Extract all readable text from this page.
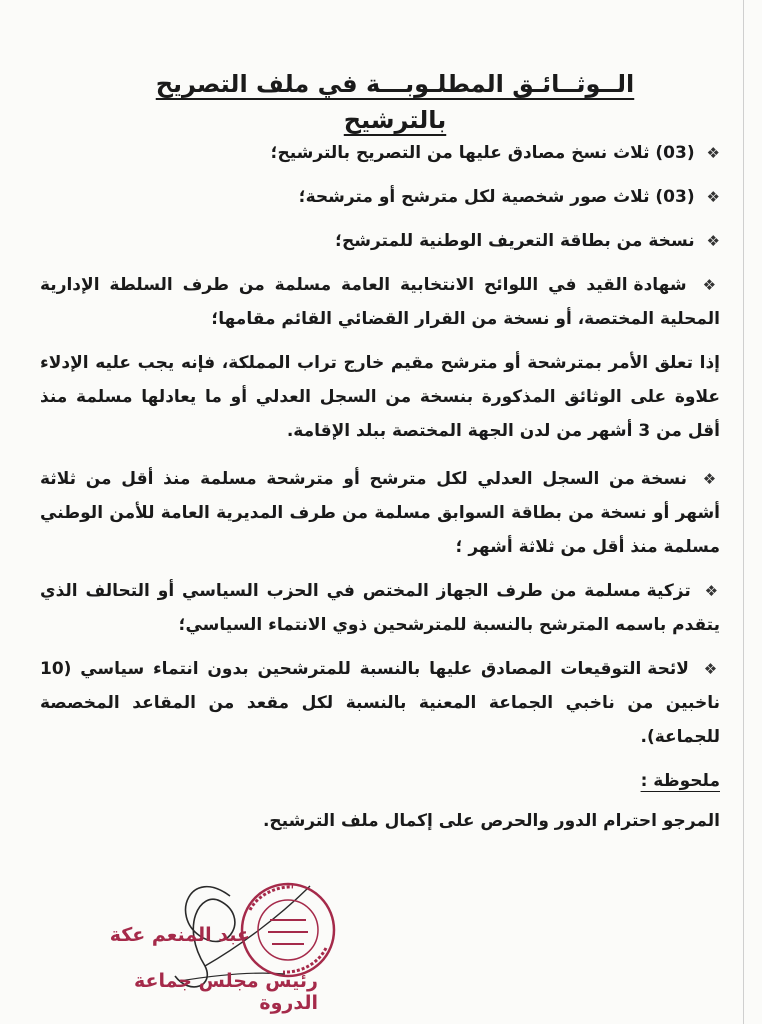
الــوثــائـق المطلـوبـــة في ملف التصريح بالترشيح
❖ (03) ثلاث نسخ مصادق عليها من التصريح بالترشيح؛
❖ (03) ثلاث صور شخصية لكل مترشح أو مترشحة؛
❖ نسخة من بطاقة التعريف الوطنية للمترشح؛
❖ شهادة القيد في اللوائح الانتخابية العامة مسلمة من طرف السلطة الإدارية المحلية المختصة، أو نسخة من القرار القضائي القائم مقامها؛
إذا تعلق الأمر بمترشحة أو مترشح مقيم خارج تراب المملكة، فإنه يجب عليه الإدلاء علاوة على الوثائق المذكورة بنسخة من السجل العدلي أو ما يعادلها مسلمة منذ أقل من 3 أشهر من لدن الجهة المختصة ببلد الإقامة.
❖ نسخة من السجل العدلي لكل مترشح أو مترشحة مسلمة منذ أقل من ثلاثة أشهر أو نسخة من بطاقة السوابق مسلمة من طرف المديرية العامة للأمن الوطني مسلمة منذ أقل من ثلاثة أشهر ؛
❖ تزكية مسلمة من طرف الجهاز المختص في الحزب السياسي أو التحالف الذي يتقدم باسمه المترشح بالنسبة للمترشحين ذوي الانتماء السياسي؛
❖ لائحة التوقيعات المصادق عليها بالنسبة للمترشحين بدون انتماء سياسي (10 ناخبين من ناخبي الجماعة المعنية بالنسبة لكل مقعد من المقاعد المخصصة للجماعة).
ملحوظة :
المرجو احترام الدور والحرص على إكمال ملف الترشيح.
عبد المنعم عكة
رئيس مجلس جماعة الدروة
